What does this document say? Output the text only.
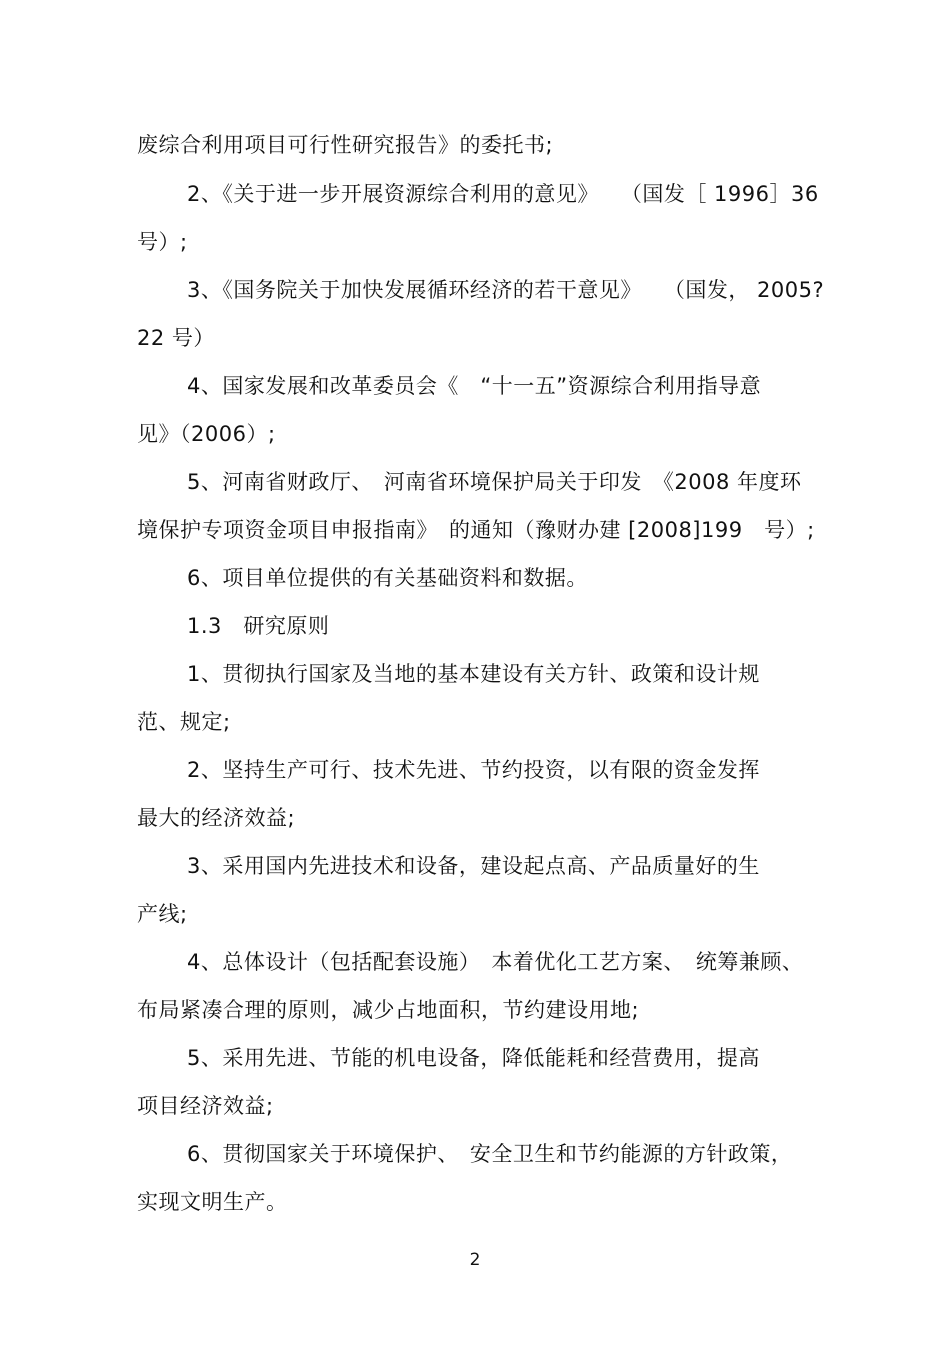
废综合利用项目可行性研究报告》的委托书;
2、《关于进一步开展资源综合利用的意见》　　（国发［ 1996］36
号）;
3、《国务院关于加快发展循环经济的若干意见》　　（国发， 2005?
22 号）
4、国家发展和改革委员会《　“十一五”资源综合利用指导意
见》（2006）;
5、河南省财政厅、　河南省环境保护局关于印发　《2008 年度环
境保护专项资金项目申报指南》　的通知（豫财办建 [2008]199　号）;
6、项目单位提供的有关基础资料和数据。
1.3　研究原则
1、贯彻执行国家及当地的基本建设有关方针、政策和设计规
范、规定;
2、坚持生产可行、技术先进、节约投资，以有限的资金发挥
最大的经济效益;
3、采用国内先进技术和设备，建设起点高、产品质量好的生
产线;
4、总体设计（包括配套设施）　本着优化工艺方案、　统筹兼顾、
布局紧凑合理的原则，减少占地面积，节约建设用地;
5、采用先进、节能的机电设备，降低能耗和经营费用，提高
项目经济效益;
6、贯彻国家关于环境保护、　安全卫生和节约能源的方针政策，
实现文明生产。
2
